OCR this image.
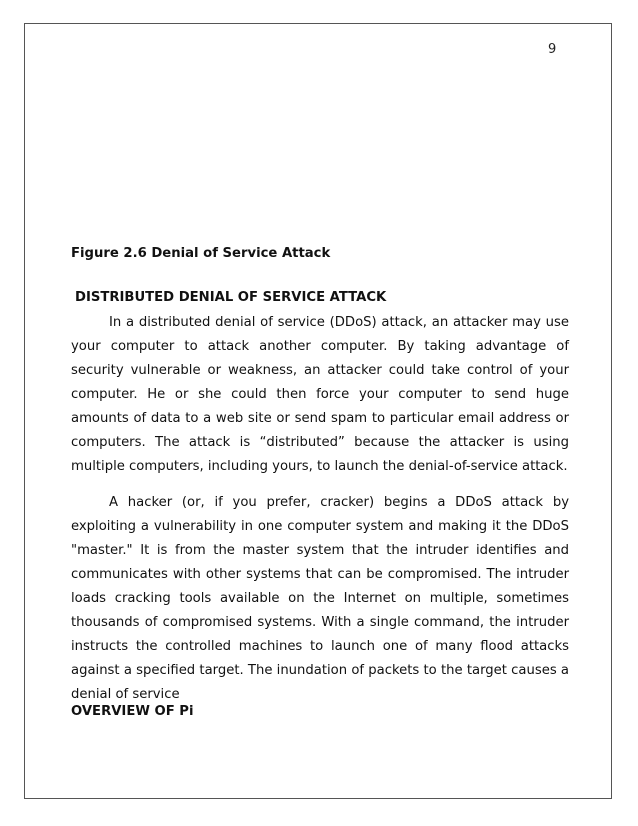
9
Figure 2.6 Denial of Service Attack
DISTRIBUTED DENIAL OF SERVICE ATTACK

In a distributed denial of service (DDoS) attack, an attacker may use your computer to attack another computer. By taking advantage of security vulnerable or weakness, an attacker could take control of your computer. He or she could then force your computer to send huge amounts of data to a web site or send spam to particular email address or computers. The attack is “distributed” because the attacker is using multiple computers, including yours, to launch the denial-of-service attack.

A hacker (or, if you prefer, cracker) begins a DDoS attack by exploiting a vulnerability in one computer system and making it the DDoS "master." It is from the master system that the intruder identifies and communicates with other systems that can be compromised. The intruder loads cracking tools available on the Internet on multiple, sometimes thousands of compromised systems. With a single command, the intruder instructs the controlled machines to launch one of many flood attacks against a specified target. The inundation of packets to the target causes a denial of service

OVERVIEW OF Pi
